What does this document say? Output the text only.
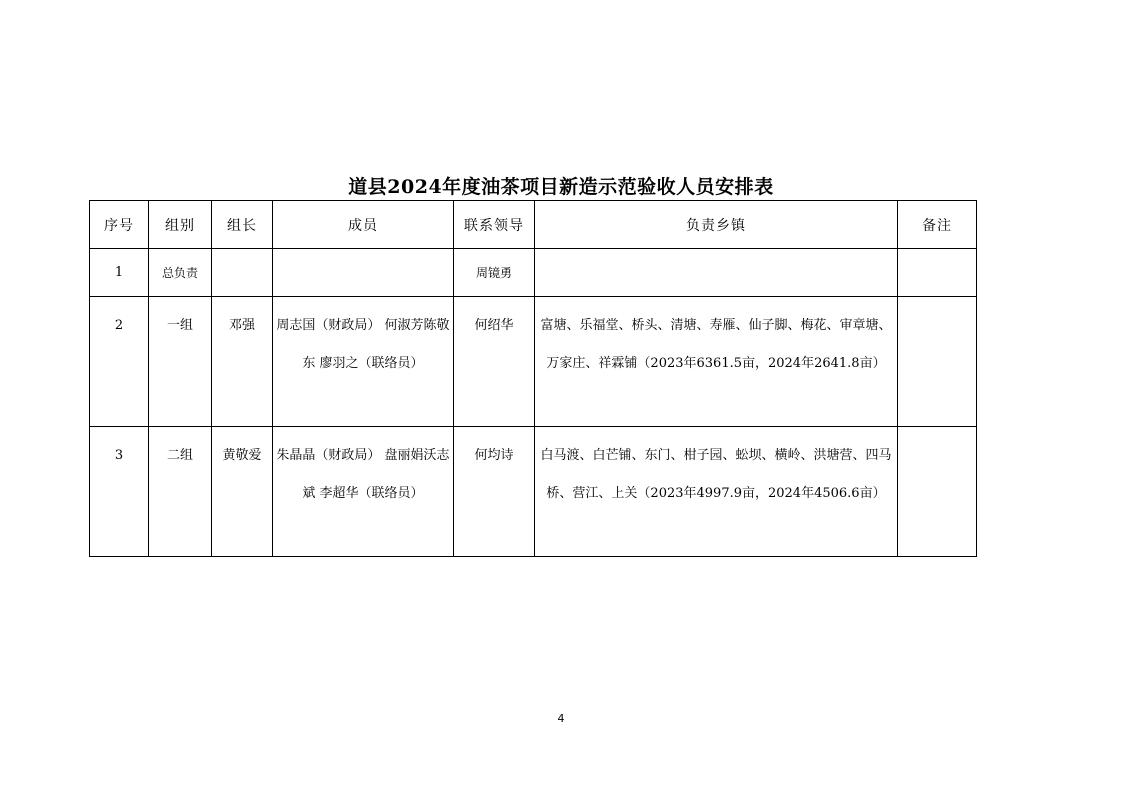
道县2024年度油茶项目新造示范验收人员安排表
序号	组别	组长	成员	联系领导	负责乡镇	备注
1	总负责			周镜勇		
2	一组	邓强	周志国（财政局） 何淑芳陈敬东 廖羽之（联络员）	何绍华	富塘、乐福堂、桥头、清塘、寿雁、仙子脚、梅花、审章塘、万家庄、祥霖铺（2023年6361.5亩，2024年2641.8亩）	
3	二组	黄敬爱	朱晶晶（财政局） 盘丽娟沃志斌 李超华（联络员）	何均诗	白马渡、白芒铺、东门、柑子园、蚣坝、横岭、洪塘营、四马桥、营江、上关（2023年4997.9亩，2024年4506.6亩）	
4
